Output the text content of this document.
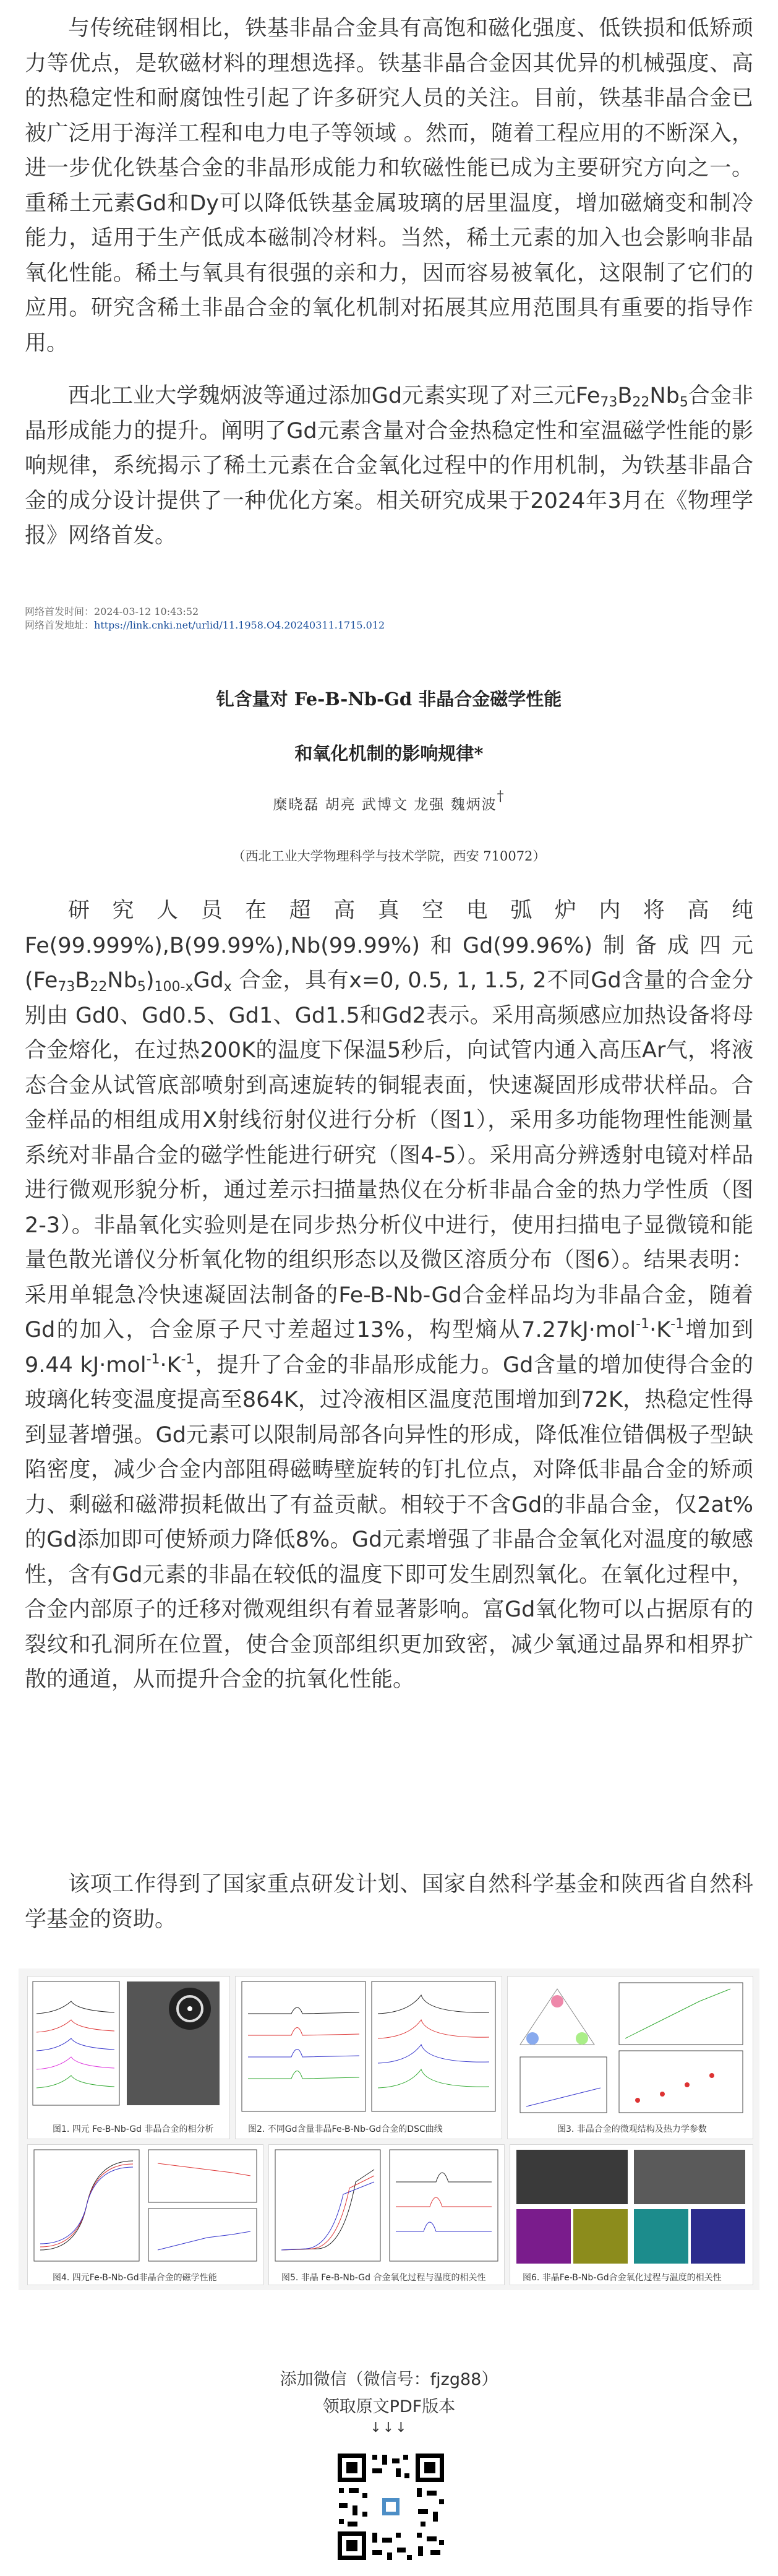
与传统硅钢相比，铁基非晶合金具有高饱和磁化强度、低铁损和低矫顽力等优点，是软磁材料的理想选择。铁基非晶合金因其优异的机械强度、高的热稳定性和耐腐蚀性引起了许多研究人员的关注。目前，铁基非晶合金已被广泛用于海洋工程和电力电子等领域 。然而，随着工程应用的不断深入，进一步优化铁基合金的非晶形成能力和软磁性能已成为主要研究方向之一。重稀土元素Gd和Dy可以降低铁基金属玻璃的居里温度，增加磁熵变和制冷能力，适用于生产低成本磁制冷材料。当然，稀土元素的加入也会影响非晶氧化性能。稀土与氧具有很强的亲和力，因而容易被氧化，这限制了它们的应用。研究含稀土非晶合金的氧化机制对拓展其应用范围具有重要的指导作用。

西北工业大学魏炳波等通过添加Gd元素实现了对三元$Fe_{73}B_{22}Nb_5$合金非晶形成能力的提升。阐明了Gd元素含量对合金热稳定性和室温磁学性能的影响规律，系统揭示了稀土元素在合金氧化过程中的作用机制，为铁基非晶合金的成分设计提供了一种优化方案。相关研究成果于2024年3月在《物理学报》网络首发。

网络首发时间：2024-03-12 10:43:52
网络首发地址：https://link.cnki.net/urlid/11.1958.O4.20240311.1715.012
钆含量对 Fe-B-Nb-Gd 非晶合金磁学性能
和氧化机制的影响规律*
糜晓磊 胡亮 武博文 龙强 魏炳波†
（西北工业大学物理科学与技术学院，西安 710072）

研究人员在超高真空电弧炉内将高纯Fe(99.999%),B(99.99%),Nb(99.99%)和Gd(99.96%)制备成四元$(Fe_{73}B_{22}Nb_5)_{100-x}Gd_x$ 合金，具有x=0, 0.5, 1, 1.5, 2不同Gd含量的合金分别由 Gd0、Gd0.5、Gd1、Gd1.5和Gd2表示。采用高频感应加热设备将母合金熔化，在过热200K的温度下保温5秒后，向试管内通入高压Ar气，将液态合金从试管底部喷射到高速旋转的铜辊表面，快速凝固形成带状样品。合金样品的相组成用X射线衍射仪进行分析（图1），采用多功能物理性能测量系统对非晶合金的磁学性能进行研究（图4-5）。采用高分辨透射电镜对样品进行微观形貌分析，通过差示扫描量热仪在分析非晶合金的热力学性质（图2-3）。非晶氧化实验则是在同步热分析仪中进行，使用扫描电子显微镜和能量色散光谱仪分析氧化物的组织形态以及微区溶质分布（图6）。结果表明：采用单辊急冷快速凝固法制备的Fe-B-Nb-Gd合金样品均为非晶合金，随着Gd的加入，合金原子尺寸差超过13%，构型熵从$7.27kJ\cdot mol^{-1}\cdot K^{-1}$增加到9.44 $kJ\cdot mol^{-1}\cdot K^{-1}$，提升了合金的非晶形成能力。Gd含量的增加使得合金的玻璃化转变温度提高至864K，过冷液相区温度范围增加到72K，热稳定性得到显著增强。Gd元素可以限制局部各向异性的形成，降低准位错偶极子型缺陷密度，减少合金内部阻碍磁畴壁旋转的钉扎位点，对降低非晶合金的矫顽力、剩磁和磁滞损耗做出了有益贡献。相较于不含Gd的非晶合金，仅2at%的Gd添加即可使矫顽力降低8%。Gd元素增强了非晶合金氧化对温度的敏感性，含有Gd元素的非晶在较低的温度下即可发生剧烈氧化。在氧化过程中，合金内部原子的迁移对微观组织有着显著影响。富Gd氧化物可以占据原有的裂纹和孔洞所在位置，使合金顶部组织更加致密，减少氧通过晶界和相界扩散的通道，从而提升合金的抗氧化性能。

该项工作得到了国家重点研发计划、国家自然科学基金和陕西省自然科学基金的资助。

图1. 四元 Fe-B-Nb-Gd 非晶合金的相分析	图2. 不同Gd含量非晶Fe-B-Nb-Gd合金的DSC曲线	图3. 非晶合金的微观结构及热力学参数
图4. 四元Fe-B-Nb-Gd非晶合金的磁学性能	图5. 非晶 Fe-B-Nb-Gd 合金氧化过程与温度的相关性	图6. 非晶Fe-B-Nb-Gd合金氧化过程与温度的相关性
添加微信（微信号：fjzg88）
领取原文PDF版本
↓↓↓
